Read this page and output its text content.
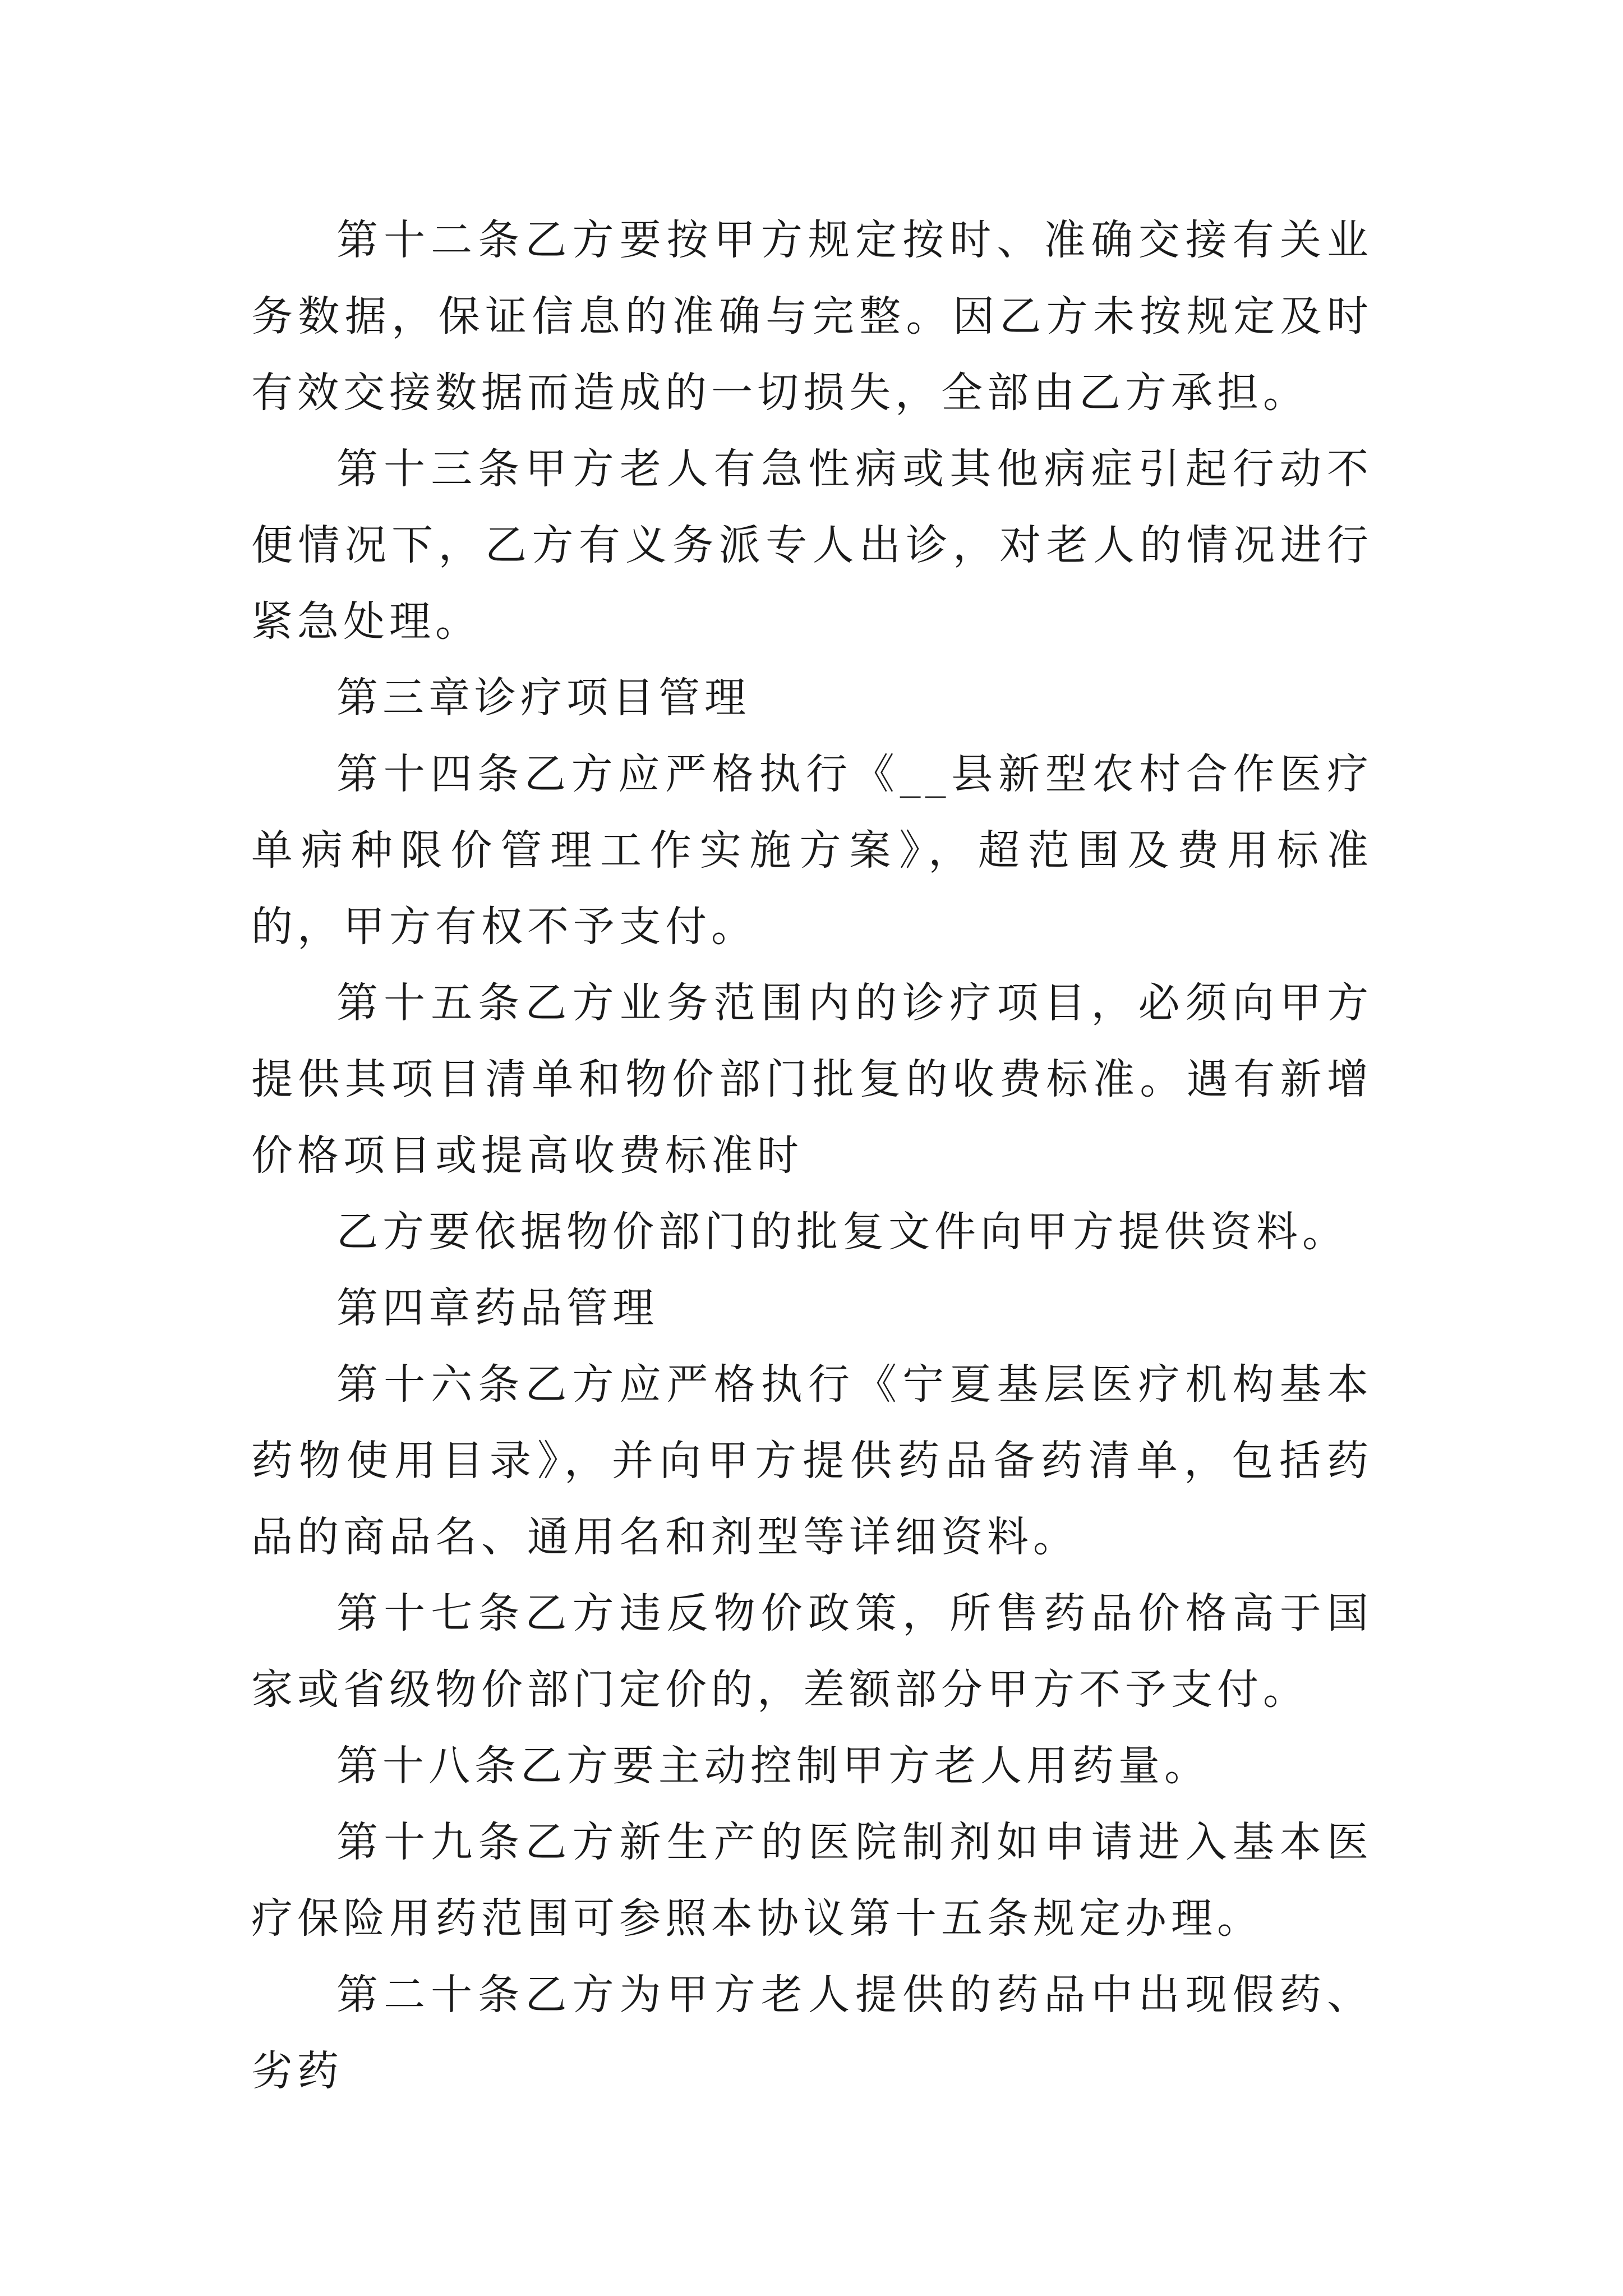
第十二条乙方要按甲方规定按时、准确交接有关业务数据，保证信息的准确与完整。因乙方未按规定及时有效交接数据而造成的一切损失，全部由乙方承担。

第十三条甲方老人有急性病或其他病症引起行动不便情况下，乙方有义务派专人出诊，对老人的情况进行紧急处理。

第三章诊疗项目管理

第十四条乙方应严格执行《__县新型农村合作医疗单病种限价管理工作实施方案》，超范围及费用标准的，甲方有权不予支付。

第十五条乙方业务范围内的诊疗项目，必须向甲方提供其项目清单和物价部门批复的收费标准。遇有新增价格项目或提高收费标准时

乙方要依据物价部门的批复文件向甲方提供资料。

第四章药品管理

第十六条乙方应严格执行《宁夏基层医疗机构基本药物使用目录》，并向甲方提供药品备药清单，包括药品的商品名、通用名和剂型等详细资料。

第十七条乙方违反物价政策，所售药品价格高于国家或省级物价部门定价的，差额部分甲方不予支付。

第十八条乙方要主动控制甲方老人用药量。

第十九条乙方新生产的医院制剂如申请进入基本医疗保险用药范围可参照本协议第十五条规定办理。

第二十条乙方为甲方老人提供的药品中出现假药、劣药
